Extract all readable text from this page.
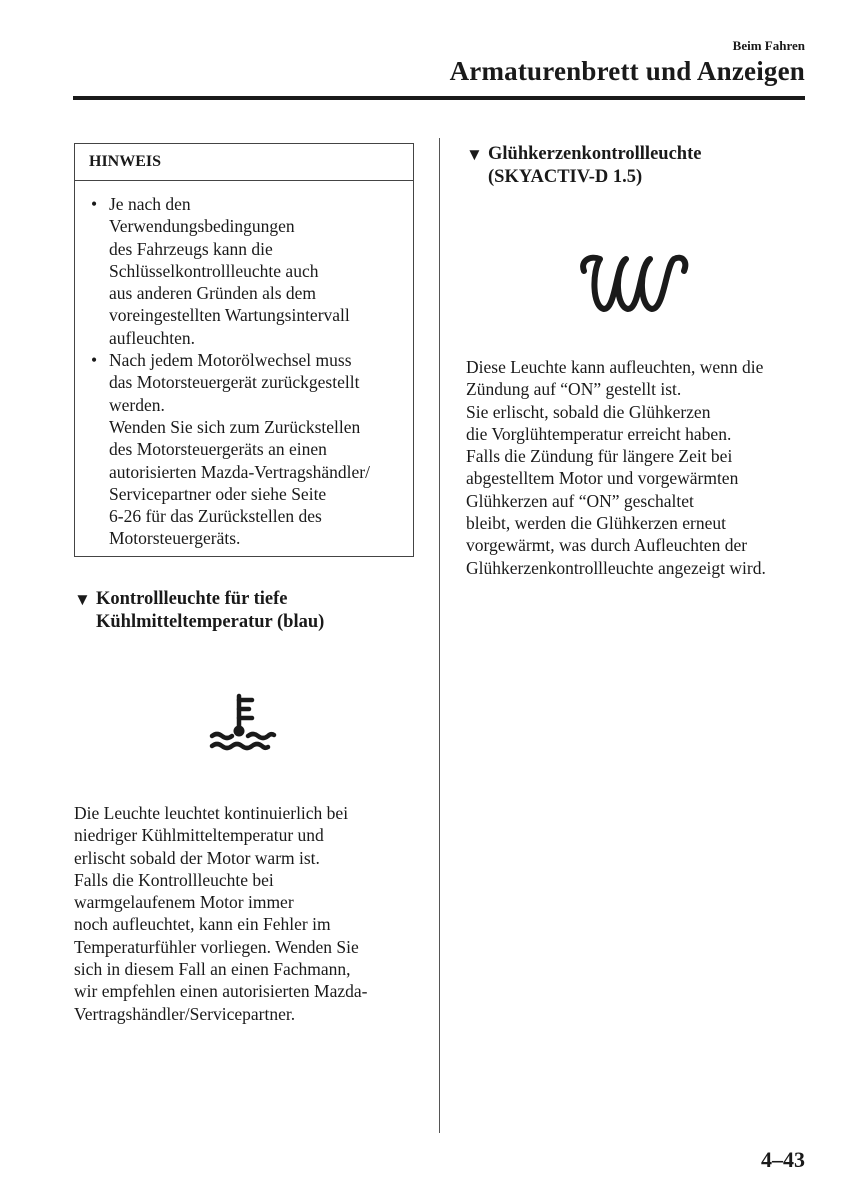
Beim Fahren
Armaturenbrett und Anzeigen
HINWEIS
• Je nach den
Verwendungsbedingungen
des Fahrzeugs kann die
Schlüsselkontrollleuchte auch
aus anderen Gründen als dem
voreingestellten Wartungsintervall
aufleuchten.
• Nach jedem Motorölwechsel muss
das Motorsteuergerät zurückgestellt
werden.
Wenden Sie sich zum Zurückstellen
des Motorsteuergeräts an einen
autorisierten Mazda-Vertragshändler/
Servicepartner oder siehe Seite
6-26 für das Zurückstellen des
Motorsteuergeräts.
▼ Kontrollleuchte für tiefe
Kühlmitteltemperatur (blau)
Die Leuchte leuchtet kontinuierlich bei
niedriger Kühlmitteltemperatur und
erlischt sobald der Motor warm ist.
Falls die Kontrollleuchte bei
warmgelaufenem Motor immer
noch aufleuchtet, kann ein Fehler im
Temperaturfühler vorliegen. Wenden Sie
sich in diesem Fall an einen Fachmann,
wir empfehlen einen autorisierten Mazda-
Vertragshändler/Servicepartner.
▼ Glühkerzenkontrollleuchte
(SKYACTIV-D 1.5)
Diese Leuchte kann aufleuchten, wenn die
Zündung auf “ON” gestellt ist.
Sie erlischt, sobald die Glühkerzen
die Vorglühtemperatur erreicht haben.
Falls die Zündung für längere Zeit bei
abgestelltem Motor und vorgewärmten
Glühkerzen auf “ON” geschaltet
bleibt, werden die Glühkerzen erneut
vorgewärmt, was durch Aufleuchten der
Glühkerzenkontrollleuchte angezeigt wird.
4–43
